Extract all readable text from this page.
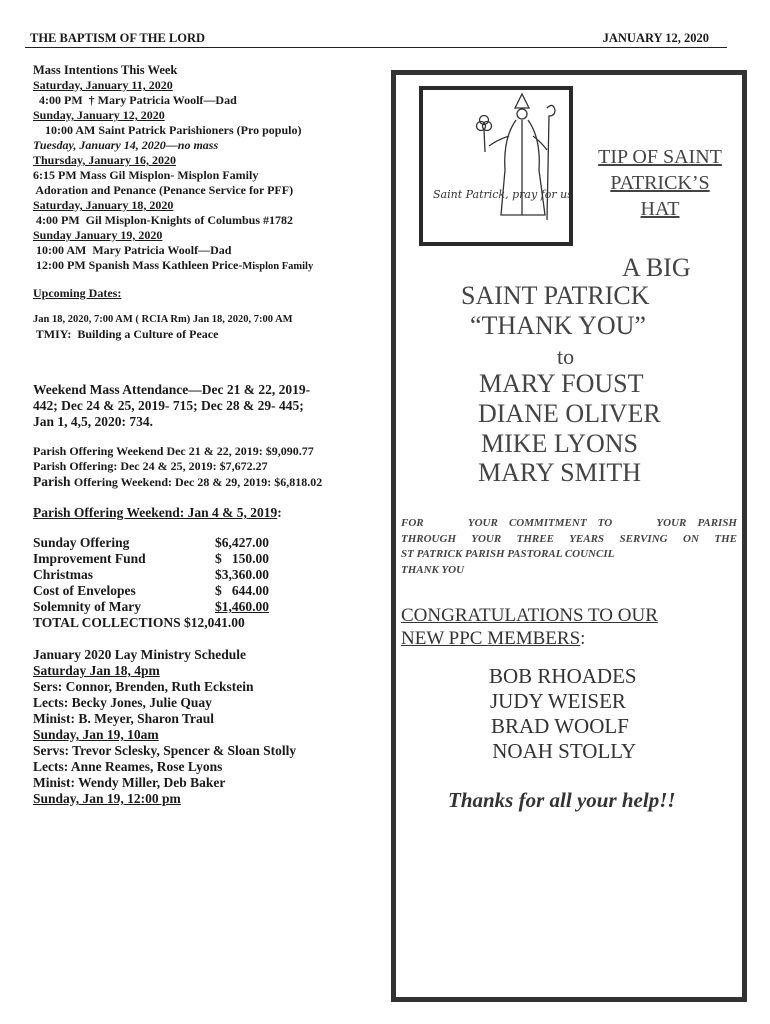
THE BAPTISM OF THE LORD	JANUARY 12, 2020
Mass Intentions This Week
Saturday, January 11, 2020
4:00 PM  † Mary Patricia Woolf—Dad
Sunday, January 12, 2020
10:00 AM Saint Patrick Parishioners (Pro populo)
Tuesday, January 14, 2020—no mass
Thursday, January 16, 2020
6:15 PM Mass Gil Misplon- Misplon Family
Adoration and Penance (Penance Service for PFF)
Saturday, January 18, 2020
4:00 PM  Gil Misplon-Knights of Columbus #1782
Sunday January 19, 2020
10:00 AM  Mary Patricia Woolf—Dad
12:00 PM Spanish Mass Kathleen Price-Misplon Family
Upcoming Dates:
Jan 18, 2020, 7:00 AM ( RCIA Rm) Jan 18, 2020, 7:00 AM
TMIY:  Building a Culture of Peace
Weekend Mass Attendance—Dec 21 & 22, 2019-
442; Dec 24 & 25, 2019- 715; Dec 28 & 29- 445;
Jan 1, 4,5, 2020: 734.
Parish Offering Weekend Dec 21 & 22, 2019: $9,090.77
Parish Offering: Dec 24 & 25, 2019: $7,672.27
Parish Offering Weekend: Dec 28 & 29, 2019: $6,818.02
Parish Offering Weekend: Jan 4 & 5, 2019:
Sunday Offering	$6,427.00
Improvement Fund	$   150.00
Christmas	$3,360.00
Cost of Envelopes	$   644.00
Solemnity of Mary	$1,460.00
TOTAL COLLECTIONS $12,041.00
January 2020 Lay Ministry Schedule
Saturday Jan 18, 4pm
Sers: Connor, Brenden, Ruth Eckstein
Lects: Becky Jones, Julie Quay
Minist: B. Meyer, Sharon Traul
Sunday, Jan 19, 10am
Servs: Trevor Sclesky, Spencer & Sloan Stolly
Lects: Anne Reames, Rose Lyons
Minist: Wendy Miller, Deb Baker
Sunday, Jan 19, 12:00 pm
Saint Patrick, pray for us!
TIP OF SAINT
PATRICK’S
HAT
A BIG
SAINT PATRICK
“THANK YOU”
to
MARY FOUST
DIANE OLIVER
MIKE LYONS
MARY SMITH
FOR    YOUR COMMITMENT TO    YOUR PARISH
THROUGH YOUR THREE YEARS SERVING ON THE
ST PATRICK PARISH PASTORAL COUNCIL
THANK YOU
CONGRATULATIONS TO OUR
NEW PPC MEMBERS:
BOB RHOADES
JUDY WEISER
BRAD WOOLF
NOAH STOLLY
Thanks for all your help!!
